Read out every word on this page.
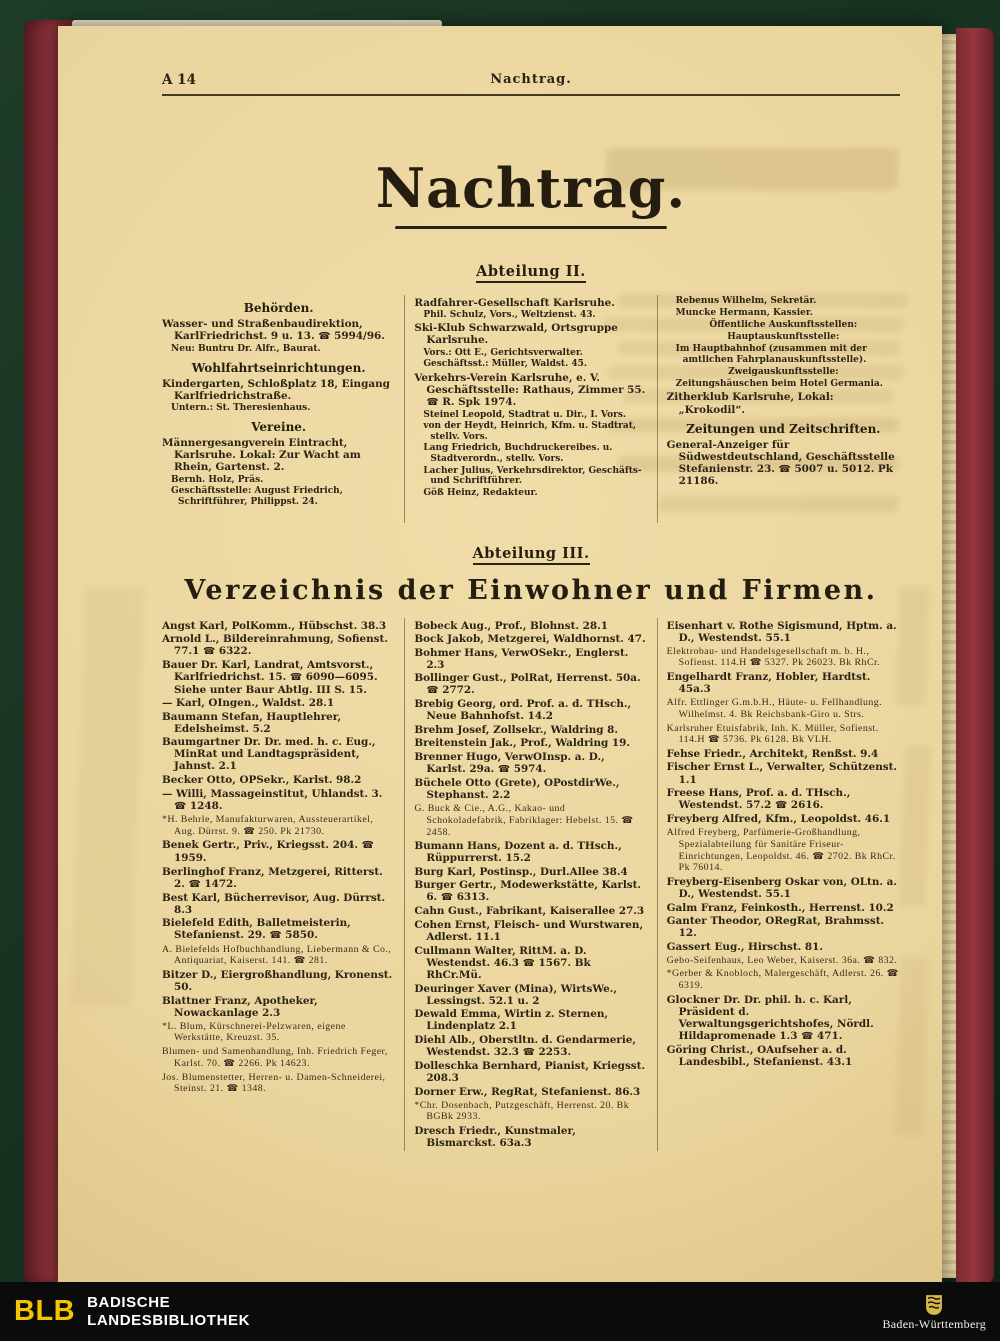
A 14	Nachtrag.
Nachtrag.
Abteilung II.

Behörden.

Wasser- und Straßenbaudirektion, KarlFriedrichst. 9 u. 13. ☎ 5994/96.

Neu: Buntru Dr. Alfr., Baurat.

Wohlfahrtseinrichtungen.

Kindergarten, Schloßplatz 18, Eingang Karlfriedrichstraße.

Untern.: St. Theresienhaus.

Vereine.

Männergesangverein Eintracht, Karlsruhe. Lokal: Zur Wacht am Rhein, Gartenst. 2.

Bernh. Holz, Präs.

Geschäftsstelle: August Friedrich, Schriftführer, Philippst. 24.

Radfahrer-Gesellschaft Karlsruhe.

Phil. Schulz, Vors., Weltzienst. 43.

Ski-Klub Schwarzwald, Ortsgruppe Karlsruhe.

Vors.: Ott E., Gerichtsverwalter.

Geschäftsst.: Müller, Waldst. 45.

Verkehrs-Verein Karlsruhe, e. V. Geschäftsstelle: Rathaus, Zimmer 55. ☎ R. Spk 1974.

Steinel Leopold, Stadtrat u. Dir., I. Vors.

von der Heydt, Heinrich, Kfm. u. Stadtrat, stellv. Vors.

Lang Friedrich, Buchdruckereibes. u. Stadtverordn., stellv. Vors.

Lacher Julius, Verkehrsdirektor, Geschäfts- und Schriftführer.

Göß Heinz, Redakteur.

Rebenus Wilhelm, Sekretär.

Muncke Hermann, Kassier.

Öffentliche Auskunftsstellen:

Hauptauskunftsstelle:

Im Hauptbahnhof (zusammen mit der amtlichen Fahrplanauskunftsstelle).

Zweigauskunftsstelle:

Zeitungshäuschen beim Hotel Germania.

Zitherklub Karlsruhe, Lokal: „Krokodil“.

Zeitungen und Zeitschriften.

General-Anzeiger für Südwestdeutschland, Geschäftsstelle Stefanienstr. 23. ☎ 5007 u. 5012. Pk 21186.

Abteilung III.
Verzeichnis der Einwohner und Firmen.

Angst Karl, PolKomm., Hübschst. 38.3

Arnold L., Bildereinrahmung, Sofienst. 77.1 ☎ 6322.

Bauer Dr. Karl, Landrat, Amtsvorst., Karlfriedrichst. 15. ☎ 6090—6095. Siehe unter Baur Abtlg. III S. 15.

— Karl, OIngen., Waldst. 28.1

Baumann Stefan, Hauptlehrer, Edelsheimst. 5.2

Baumgartner Dr. Dr. med. h. c. Eug., MinRat und Landtagspräsident, Jahnst. 2.1

Becker Otto, OPSekr., Karlst. 98.2

— Willi, Massageinstitut, Uhlandst. 3. ☎ 1248.

*H. Behrle, Manufakturwaren, Aussteuerartikel, Aug. Dürrst. 9. ☎ 250. Pk 21730.

Benek Gertr., Priv., Kriegsst. 204. ☎ 1959.

Berlinghof Franz, Metzgerei, Ritterst. 2. ☎ 1472.

Best Karl, Bücherrevisor, Aug. Dürrst. 8.3

Bielefeld Edith, Balletmeisterin, Stefanienst. 29. ☎ 5850.

A. Bielefelds Hofbuchhandlung, Liebermann & Co., Antiquariat, Kaiserst. 141. ☎ 281.

Bitzer D., Eiergroßhandlung, Kronenst. 50.

Blattner Franz, Apotheker, Nowackanlage 2.3

*L. Blum, Kürschnerei-Pelzwaren, eigene Werkstätte, Kreuzst. 35.

Blumen- und Samenhandlung, Inh. Friedrich Feger, Karlst. 70. ☎ 2266. Pk 14623.

Jos. Blumenstetter, Herren- u. Damen-Schneiderei, Steinst. 21. ☎ 1348.

Bobeck Aug., Prof., Blohnst. 28.1

Bock Jakob, Metzgerei, Waldhornst. 47.

Bohmer Hans, VerwOSekr., Englerst. 2.3

Bollinger Gust., PolRat, Herrenst. 50a. ☎ 2772.

Brebig Georg, ord. Prof. a. d. THsch., Neue Bahnhofst. 14.2

Brehm Josef, Zollsekr., Waldring 8.

Breitenstein Jak., Prof., Waldring 19.

Brenner Hugo, VerwOInsp. a. D., Karlst. 29a. ☎ 5974.

Büchele Otto (Grete), OPostdirWe., Stephanst. 2.2

G. Buck & Cie., A.G., Kakao- und Schokoladefabrik, Fabriklager: Hebelst. 15. ☎ 2458.

Bumann Hans, Dozent a. d. THsch., Rüppurrerst. 15.2

Burg Karl, Postinsp., Durl.Allee 38.4

Burger Gertr., Modewerkstätte, Karlst. 6. ☎ 6313.

Cahn Gust., Fabrikant, Kaiserallee 27.3

Cohen Ernst, Fleisch- und Wurstwaren, Adlerst. 11.1

Cullmann Walter, RittM. a. D. Westendst. 46.3 ☎ 1567. Bk RhCr.Mü.

Deuringer Xaver (Mina), WirtsWe., Lessingst. 52.1 u. 2

Dewald Emma, Wirtin z. Sternen, Lindenplatz 2.1

Diehl Alb., Oberstltn. d. Gendarmerie, Westendst. 32.3 ☎ 2253.

Dolleschka Bernhard, Pianist, Kriegsst. 208.3

Dorner Erw., RegRat, Stefanienst. 86.3

*Chr. Dosenbach, Putzgeschäft, Herrenst. 20. Bk BGBk 2933.

Dresch Friedr., Kunstmaler, Bismarckst. 63a.3

Eisenhart v. Rothe Sigismund, Hptm. a. D., Westendst. 55.1

Elektrobau- und Handelsgesellschaft m. b. H., Sofienst. 114.H ☎ 5327. Pk 26023. Bk RhCr.

Engelhardt Franz, Hobler, Hardtst. 45a.3

Alfr. Ettlinger G.m.b.H., Häute- u. Fellhandlung. Wilhelmst. 4. Bk Reichsbank-Giro u. Strs.

Karlsruher Etuisfabrik, Inh. K. Müller, Sofienst. 114.H ☎ 5736. Pk 6128. Bk VLH.

Fehse Friedr., Architekt, Renßst. 9.4

Fischer Ernst L., Verwalter, Schützenst. 1.1

Freese Hans, Prof. a. d. THsch., Westendst. 57.2 ☎ 2616.

Freyberg Alfred, Kfm., Leopoldst. 46.1

Alfred Freyberg, Parfümerie-Großhandlung, Spezialabteilung für Sanitäre Friseur-Einrichtungen, Leopoldst. 46. ☎ 2702. Bk RhCr. Pk 76014.

Freyberg-Eisenberg Oskar von, OLtn. a. D., Westendst. 55.1

Galm Franz, Feinkosth., Herrenst. 10.2

Ganter Theodor, ORegRat, Brahmsst. 12.

Gassert Eug., Hirschst. 81.

Gebo-Seifenhaus, Leo Weber, Kaiserst. 36a. ☎ 832.

*Gerber & Knobloch, Malergeschäft, Adlerst. 26. ☎ 6319.

Glockner Dr. Dr. phil. h. c. Karl, Präsident d. Verwaltungsgerichtshofes, Nördl. Hildapromenade 1.3 ☎ 471.

Göring Christ., OAufseher a. d. Landesbibl., Stefanienst. 43.1

BLB BADISCHE
LANDESBIBLIOTHEK	Baden-Württemberg
